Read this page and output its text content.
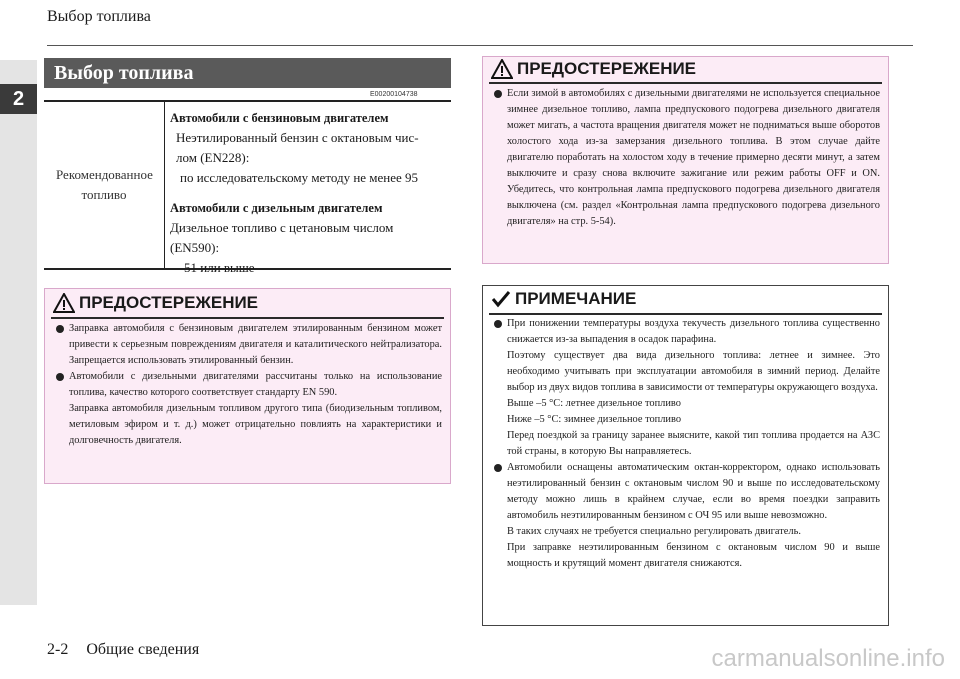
Выбор топлива
2
Выбор топлива
E00200104738
Рекомендованное топливо
Автомобили с бензиновым двигателем
Неэтилированный бензин с октановым чис-
лом (EN228):
по исследовательскому методу не менее 95
Автомобили с дизельным двигателем
Дизельное топливо с цетановым числом
(EN590):
51 или выше
ПРЕДОСТЕРЕЖЕНИЕ

Заправка автомобиля с бензиновым двигателем этилированным бензином может привести к серьезным повреждениям двигателя и каталитического нейтрализатора. Запрещается использовать этилированный бензин.

Автомобили с дизельными двигателями рассчитаны только на использование топлива, качество которого соответствует стандарту EN 590.

Заправка автомобиля дизельным топливом другого типа (биодизельным топливом, метиловым эфиром и т. д.) может отрицательно повлиять на характеристики и долговечность двигателя.

ПРЕДОСТЕРЕЖЕНИЕ

Если зимой в автомобилях с дизельными двигателями не используется специальное зимнее дизельное топливо, лампа предпускового подогрева дизельного двигателя может мигать, а частота вращения двигателя может не подниматься выше оборотов холостого хода из-за замерзания дизельного топлива. В этом случае дайте двигателю поработать на холостом ходу в течение примерно десяти минут, а затем выключите и сразу снова включите зажигание или режим работы OFF и ON. Убедитесь, что контрольная лампа предпускового подогрева дизельного двигателя выключена (см. раздел «Контрольная лампа предпускового подогрева дизельного двигателя» на стр. 5-54).

ПРИМЕЧАНИЕ

При понижении температуры воздуха текучесть дизельного топлива существенно снижается из-за выпадения в осадок парафина.

Поэтому существует два вида дизельного топлива: летнее и зимнее. Это необходимо учитывать при эксплуатации автомобиля в зимний период. Делайте выбор из двух видов топлива в зависимости от температуры окружающего воздуха.

Выше –5 °C: летнее дизельное топливо

Ниже –5 °C: зимнее дизельное топливо

Перед поездкой за границу заранее выясните, какой тип топлива продается на АЗС той страны, в которую Вы направляетесь.

Автомобили оснащены автоматическим октан-корректором, однако использовать неэтилированный бензин с октановым числом 90 и выше по исследовательскому методу можно лишь в крайнем случае, если во время поездки заправить автомобиль неэтилированным бензином с ОЧ 95 или выше невозможно.

В таких случаях не требуется специально регулировать двигатель.

При заправке неэтилированным бензином с октановым числом 90 и выше мощность и крутящий момент двигателя снижаются.

2-2 Общие сведения	carmanualsonline.info
